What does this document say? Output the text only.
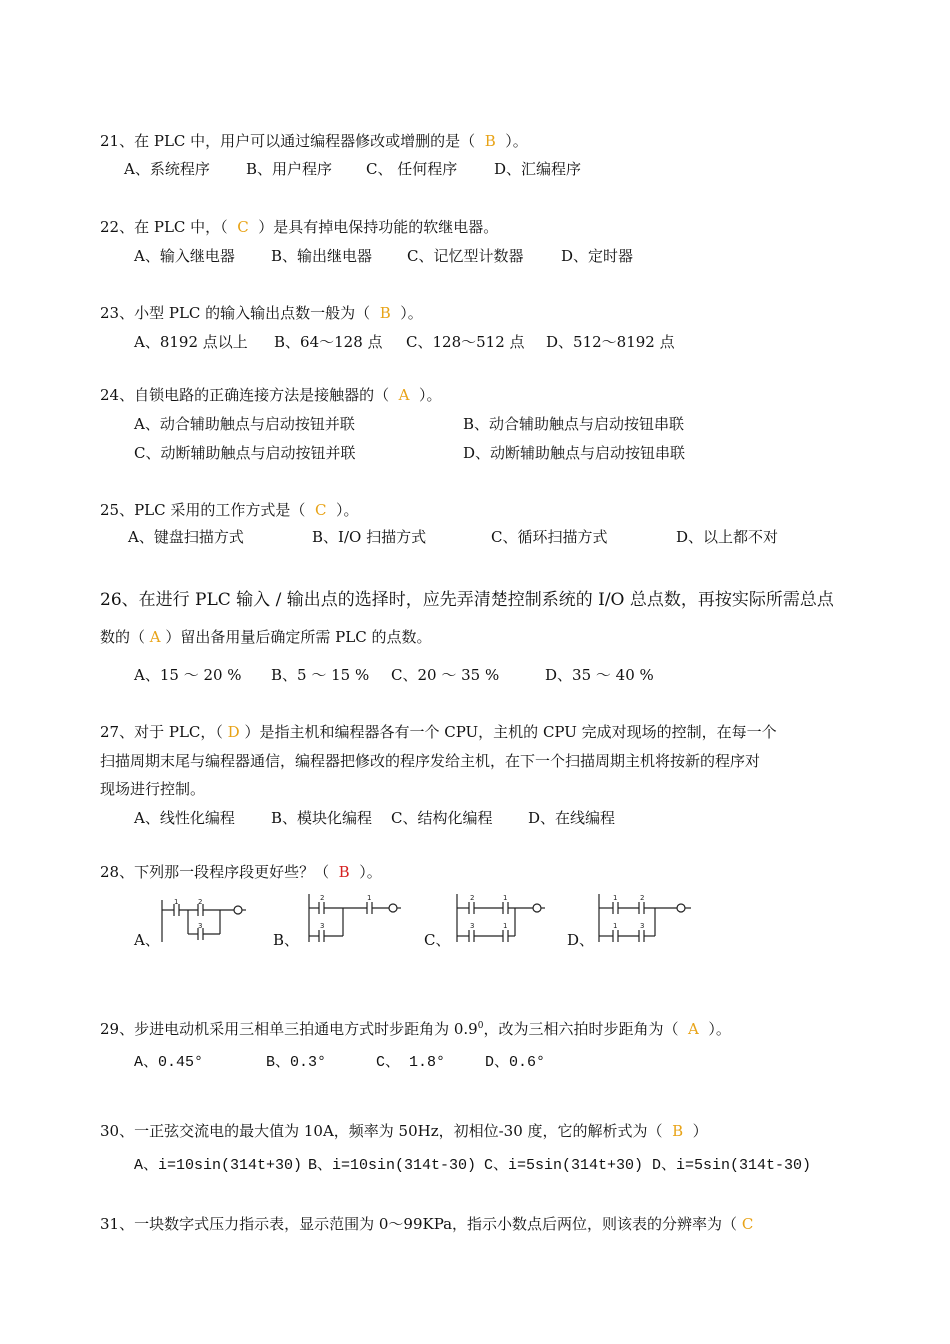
21、在 PLC 中，用户可以通过编程器修改或增删的是（  B  ）。
A、系统程序 B、用户程序 C、 任何程序 D、汇编程序
22、在 PLC 中，（  C  ）是具有掉电保持功能的软继电器。
A、输入继电器 B、输出继电器 C、记忆型计数器	D、定时器
23、小型 PLC 的输入输出点数一般为（  B  ）。
A、8192 点以上 B、64～128 点 C、128～512 点 D、512～8192 点
24、自锁电路的正确连接方法是接触器的（  A  ）。
A、动合辅助触点与启动按钮并联	B、动合辅助触点与启动按钮串联
C、动断辅助触点与启动按钮并联	D、动断辅助触点与启动按钮串联
25、PLC 采用的工作方式是（  C  ）。
A、键盘扫描方式	B、I/O 扫描方式	C、循环扫描方式	D、以上都不对
26、在进行 PLC 输入 / 输出点的选择时，应先弄清楚控制系统的 I/O 总点数，再按实际所需总点
数的（ A ）留出备用量后确定所需 PLC 的点数。
A、15 ～ 20 % B、5 ～ 15 % C、20 ～ 35 %	D、35 ～ 40 %
27、对于 PLC，（ D ）是指主机和编程器各有一个 CPU，主机的 CPU 完成对现场的控制，在每一个
扫描周期末尾与编程器通信，编程器把修改的程序发给主机，在下一个扫描周期主机将按新的程序对
现场进行控制。
A、线性化编程 B、模块化编程 C、结构化编程 D、在线编程
28、下列那一段程序段更好些？（  B  ）。
A、	B、	C、	D、
1	2
3
2	1
3
2	1
3	1
1	2
1	3
29、步进电动机采用三相单三拍通电方式时步距角为 $0.9^0$，改为三相六拍时步距角为（  A  ）。
A、0.45°	B、0.3°	C、 1.8°	D、0.6°
30、一正弦交流电的最大值为 10A，频率为 50Hz，初相位-30 度，它的解析式为（  B  ）
A、i=10sin(314t+30) B、i=10sin(314t-30) C、i=5sin(314t+30) D、i=5sin(314t-30)
31、一块数字式压力指示表，显示范围为 0～99KPa，指示小数点后两位，则该表的分辨率为（ C
